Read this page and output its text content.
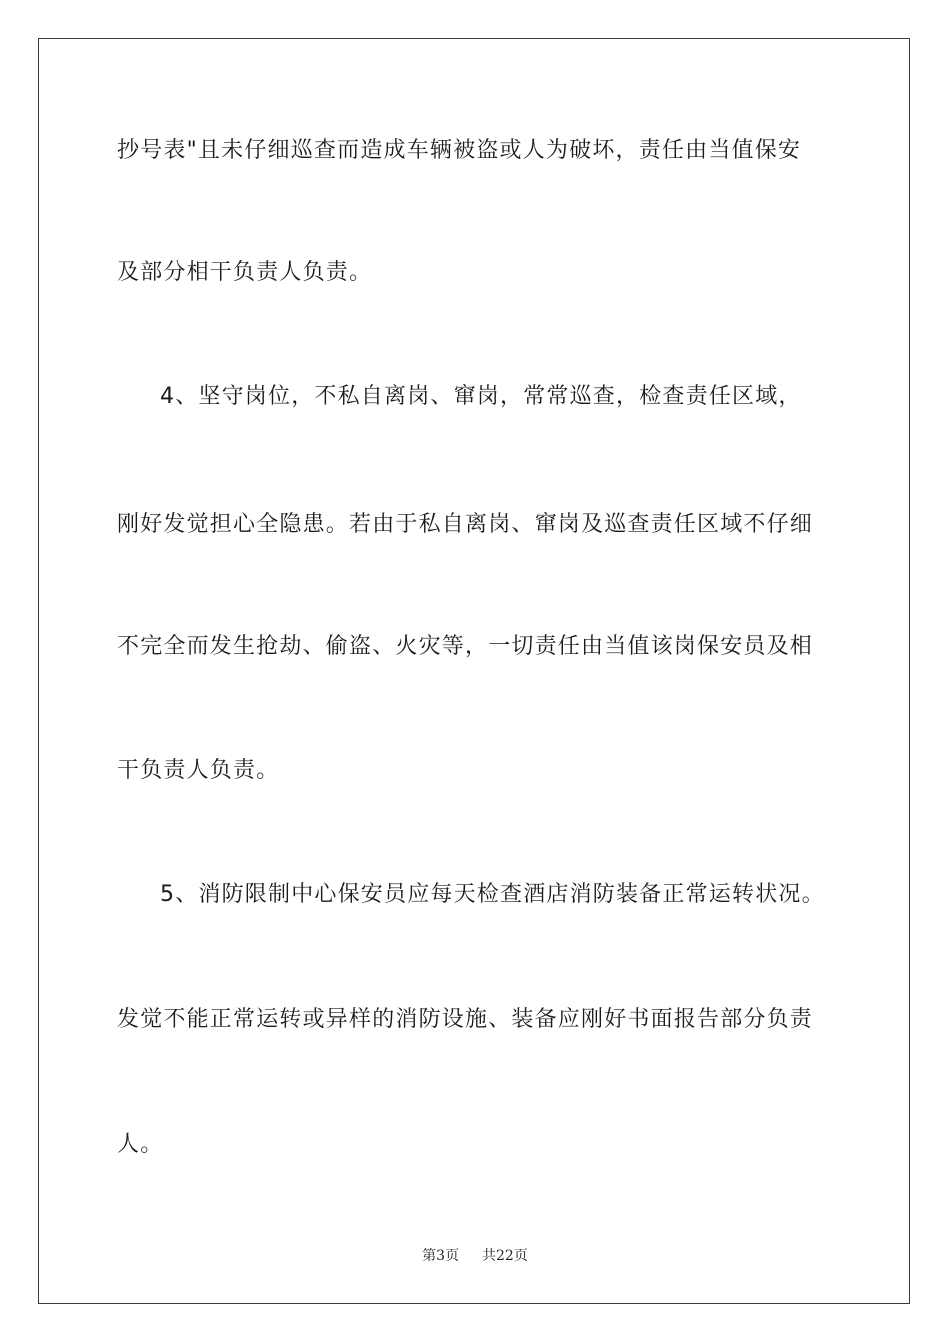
抄号表"且未仔细巡查而造成车辆被盗或人为破坏，责任由当值保安
及部分相干负责人负责。
4、坚守岗位，不私自离岗、窜岗，常常巡查，检查责任区域，
刚好发觉担心全隐患。若由于私自离岗、窜岗及巡查责任区域不仔细
不完全而发生抢劫、偷盗、火灾等，一切责任由当值该岗保安员及相
干负责人负责。
5、消防限制中心保安员应每天检查酒店消防装备正常运转状况。
发觉不能正常运转或异样的消防设施、装备应刚好书面报告部分负责
人。
第3页 共22页
